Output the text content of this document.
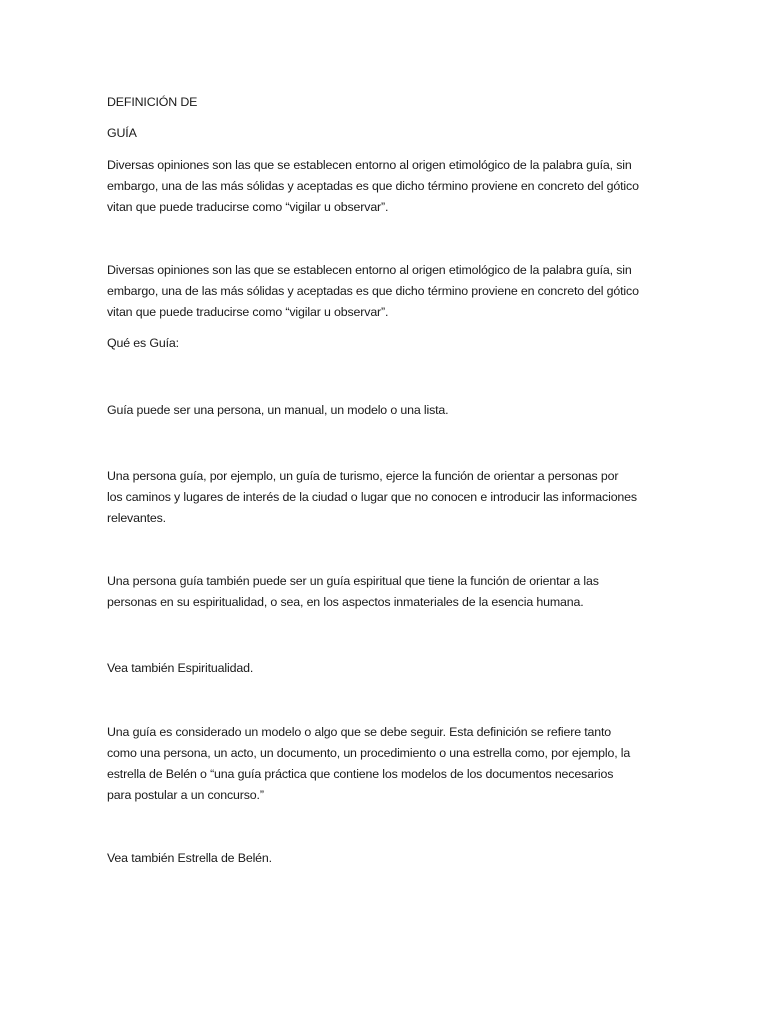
DEFINICIÓN DE
GUÍA
Diversas opiniones son las que se establecen entorno al origen etimológico de la palabra guía, sin
embargo, una de las más sólidas y aceptadas es que dicho término proviene en concreto del gótico
vitan que puede traducirse como “vigilar u observar”.
Diversas opiniones son las que se establecen entorno al origen etimológico de la palabra guía, sin
embargo, una de las más sólidas y aceptadas es que dicho término proviene en concreto del gótico
vitan que puede traducirse como “vigilar u observar”.
Qué es Guía:
Guía puede ser una persona, un manual, un modelo o una lista.
Una persona guía, por ejemplo, un guía de turismo, ejerce la función de orientar a personas por
los caminos y lugares de interés de la ciudad o lugar que no conocen e introducir las informaciones
relevantes.
Una persona guía también puede ser un guía espiritual que tiene la función de orientar a las
personas en su espiritualidad, o sea, en los aspectos inmateriales de la esencia humana.
Vea también Espiritualidad.
Una guía es considerado un modelo o algo que se debe seguir. Esta definición se refiere tanto
como una persona, un acto, un documento, un procedimiento o una estrella como, por ejemplo, la
estrella de Belén o “una guía práctica que contiene los modelos de los documentos necesarios
para postular a un concurso.”
Vea también Estrella de Belén.
